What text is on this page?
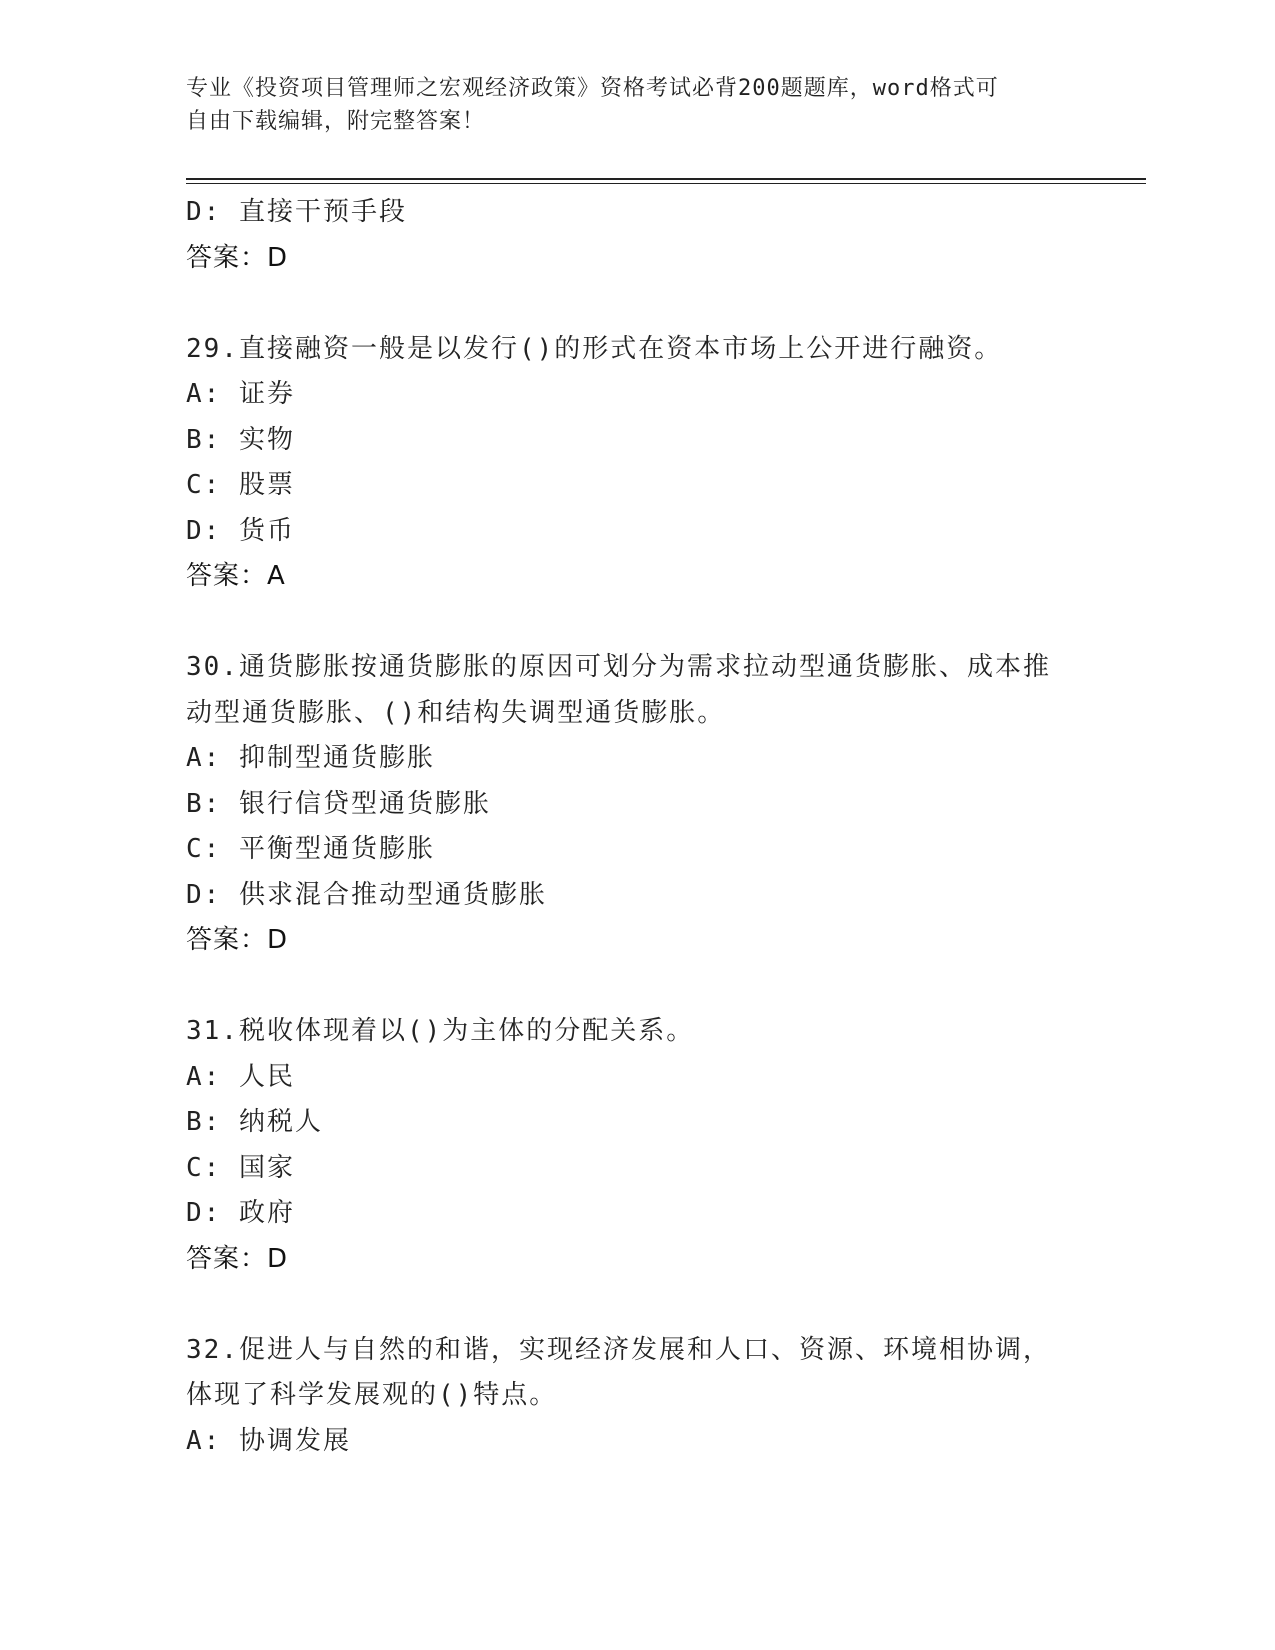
专业《投资项目管理师之宏观经济政策》资格考试必背200题题库，word格式可
自由下载编辑，附完整答案！
D: 直接干预手段
答案：D
29.直接融资一般是以发行()的形式在资本市场上公开进行融资。
A: 证券
B: 实物
C: 股票
D: 货币
答案：A
30.通货膨胀按通货膨胀的原因可划分为需求拉动型通货膨胀、成本推
动型通货膨胀、()和结构失调型通货膨胀。
A: 抑制型通货膨胀
B: 银行信贷型通货膨胀
C: 平衡型通货膨胀
D: 供求混合推动型通货膨胀
答案：D
31.税收体现着以()为主体的分配关系。
A: 人民
B: 纳税人
C: 国家
D: 政府
答案：D
32.促进人与自然的和谐，实现经济发展和人口、资源、环境相协调，
体现了科学发展观的()特点。
A: 协调发展
